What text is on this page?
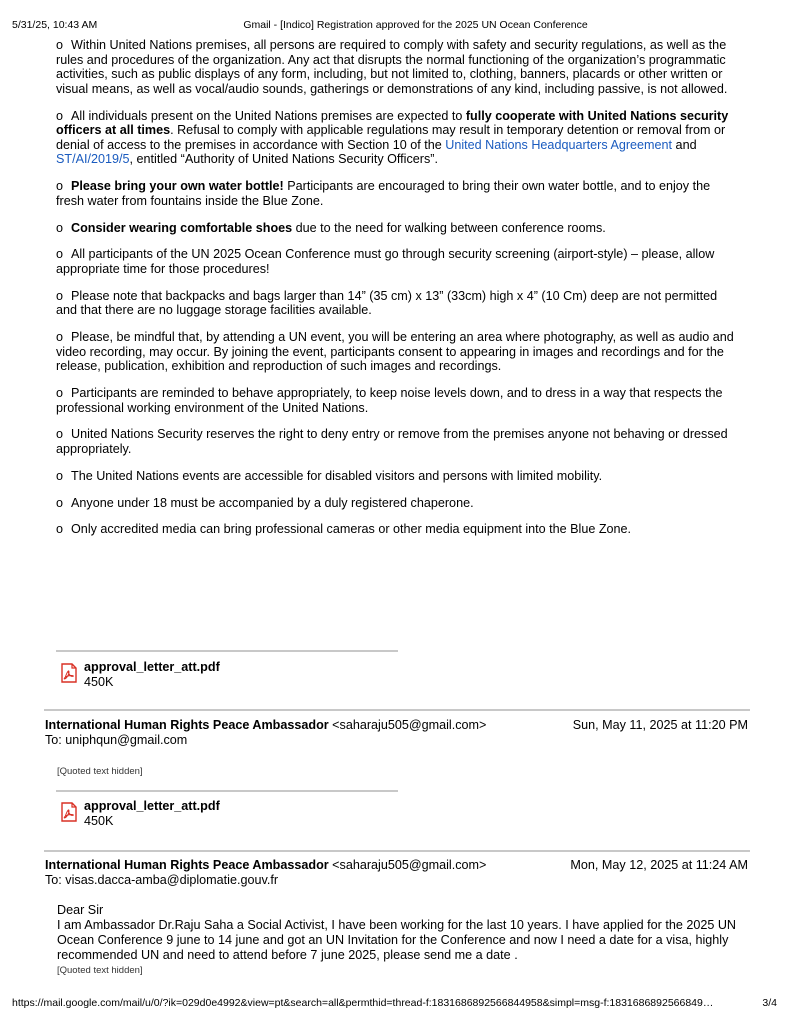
5/31/25, 10:43 AM	Gmail - [Indico] Registration approved for the 2025 UN Ocean Conference
o Within United Nations premises, all persons are required to comply with safety and security regulations, as well as the rules and procedures of the organization. Any act that disrupts the normal functioning of the organization’s programmatic activities, such as public displays of any form, including, but not limited to, clothing, banners, placards or other written or visual means, as well as vocal/audio sounds, gatherings or demonstrations of any kind, including passive, is not allowed.
o All individuals present on the United Nations premises are expected to fully cooperate with United Nations security officers at all times. Refusal to comply with applicable regulations may result in temporary detention or removal from or denial of access to the premises in accordance with Section 10 of the United Nations Headquarters Agreement and ST/AI/2019/5, entitled “Authority of United Nations Security Officers”.
o Please bring your own water bottle! Participants are encouraged to bring their own water bottle, and to enjoy the fresh water from fountains inside the Blue Zone.
o Consider wearing comfortable shoes due to the need for walking between conference rooms.
o All participants of the UN 2025 Ocean Conference must go through security screening (airport-style) – please, allow appropriate time for those procedures!
o Please note that backpacks and bags larger than 14” (35 cm) x 13” (33cm) high x 4” (10 Cm) deep are not permitted and that there are no luggage storage facilities available.
o Please, be mindful that, by attending a UN event, you will be entering an area where photography, as well as audio and video recording, may occur. By joining the event, participants consent to appearing in images and recordings and for the release, publication, exhibition and reproduction of such images and recordings.
o Participants are reminded to behave appropriately, to keep noise levels down, and to dress in a way that respects the professional working environment of the United Nations.
o United Nations Security reserves the right to deny entry or remove from the premises anyone not behaving or dressed appropriately.
o The United Nations events are accessible for disabled visitors and persons with limited mobility.
o Anyone under 18 must be accompanied by a duly registered chaperone.
o Only accredited media can bring professional cameras or other media equipment into the Blue Zone.
approval_letter_att.pdf
450K
International Human Rights Peace Ambassador <saharaju505@gmail.com>	Sun, May 11, 2025 at 11:20 PM
To: uniphqun@gmail.com
[Quoted text hidden]
approval_letter_att.pdf
450K
International Human Rights Peace Ambassador <saharaju505@gmail.com>	Mon, May 12, 2025 at 11:24 AM
To: visas.dacca-amba@diplomatie.gouv.fr

Dear Sir

I am Ambassador Dr.Raju Saha a Social Activist, I have been working for the last 10 years. I have applied for the 2025 UN Ocean Conference 9 june to 14 june and got an UN Invitation for the Conference and now I need a date for a visa, highly recommended UN and need to attend before 7 june 2025, please send me a date .

[Quoted text hidden]
https://mail.google.com/mail/u/0/?ik=029d0e4992&view=pt&search=all&permthid=thread-f:1831686892566844958&simpl=msg-f:1831686892566849…	3/4
